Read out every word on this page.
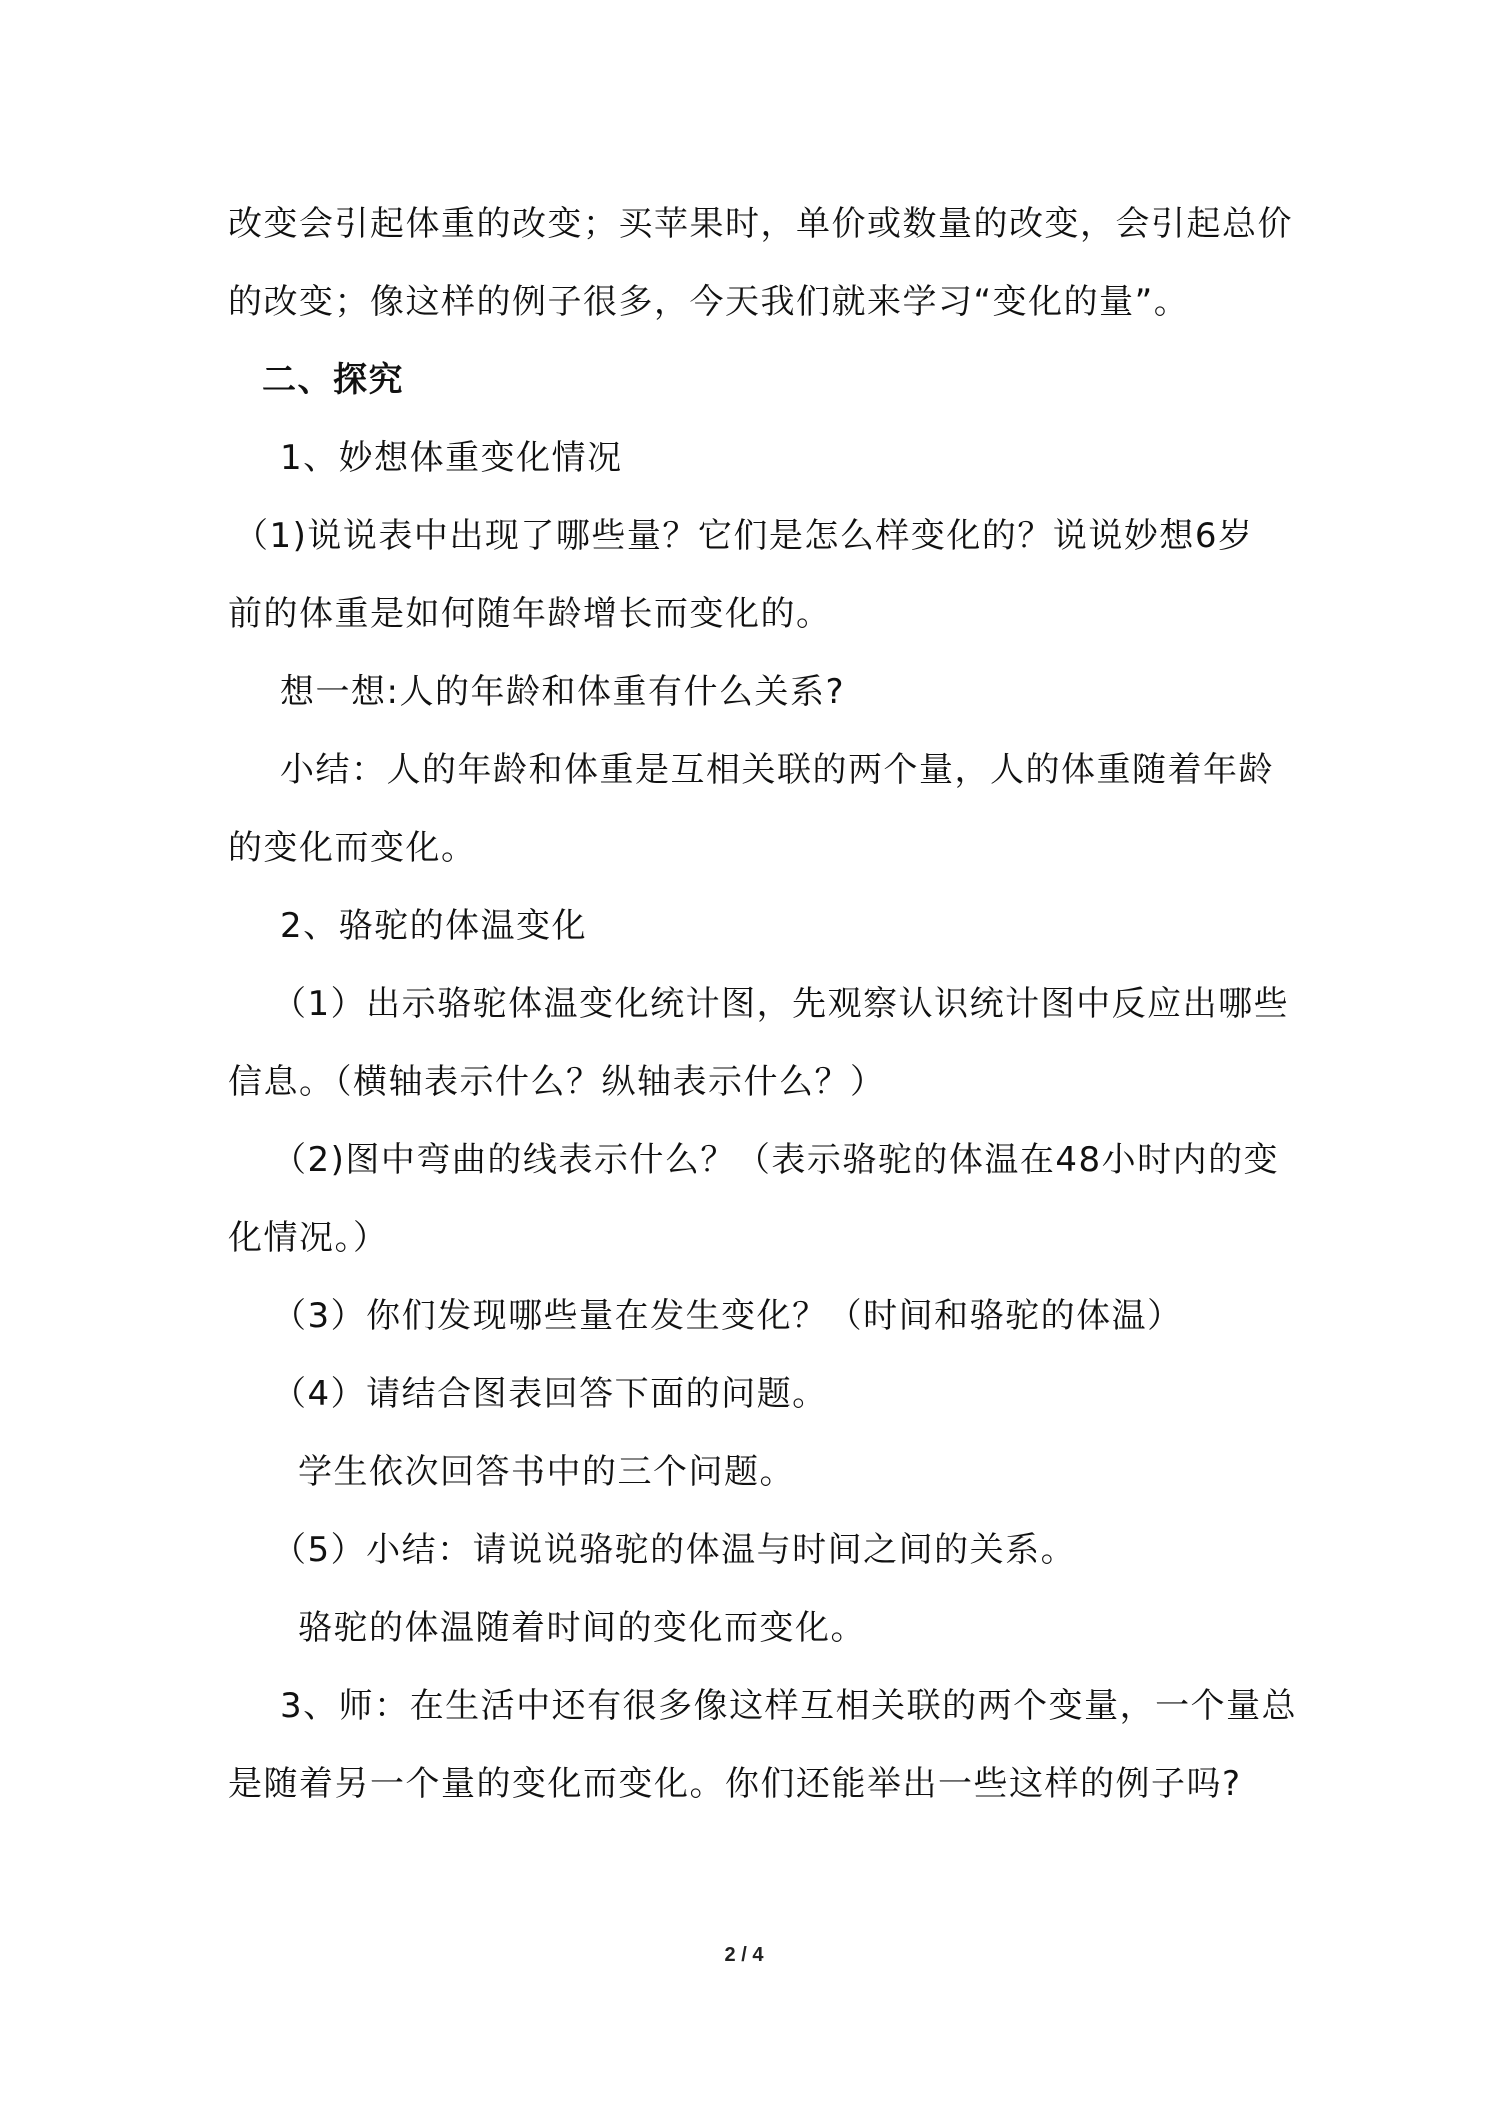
改变会引起体重的改变；买苹果时，单价或数量的改变，会引起总价
的改变；像这样的例子很多，今天我们就来学习“变化的量”。
二、探究
1、妙想体重变化情况
（1)说说表中出现了哪些量？它们是怎么样变化的？说说妙想6岁
前的体重是如何随年龄增长而变化的。
想一想:人的年龄和体重有什么关系?
小结：人的年龄和体重是互相关联的两个量，人的体重随着年龄
的变化而变化。
2、骆驼的体温变化
（1）出示骆驼体温变化统计图，先观察认识统计图中反应出哪些
信息。（横轴表示什么？纵轴表示什么？）
（2)图中弯曲的线表示什么？（表示骆驼的体温在48小时内的变
化情况。）
（3）你们发现哪些量在发生变化？（时间和骆驼的体温）
（4）请结合图表回答下面的问题。
学生依次回答书中的三个问题。
（5）小结：请说说骆驼的体温与时间之间的关系。
骆驼的体温随着时间的变化而变化。
3、师：在生活中还有很多像这样互相关联的两个变量，一个量总
是随着另一个量的变化而变化。你们还能举出一些这样的例子吗?
2 / 4
